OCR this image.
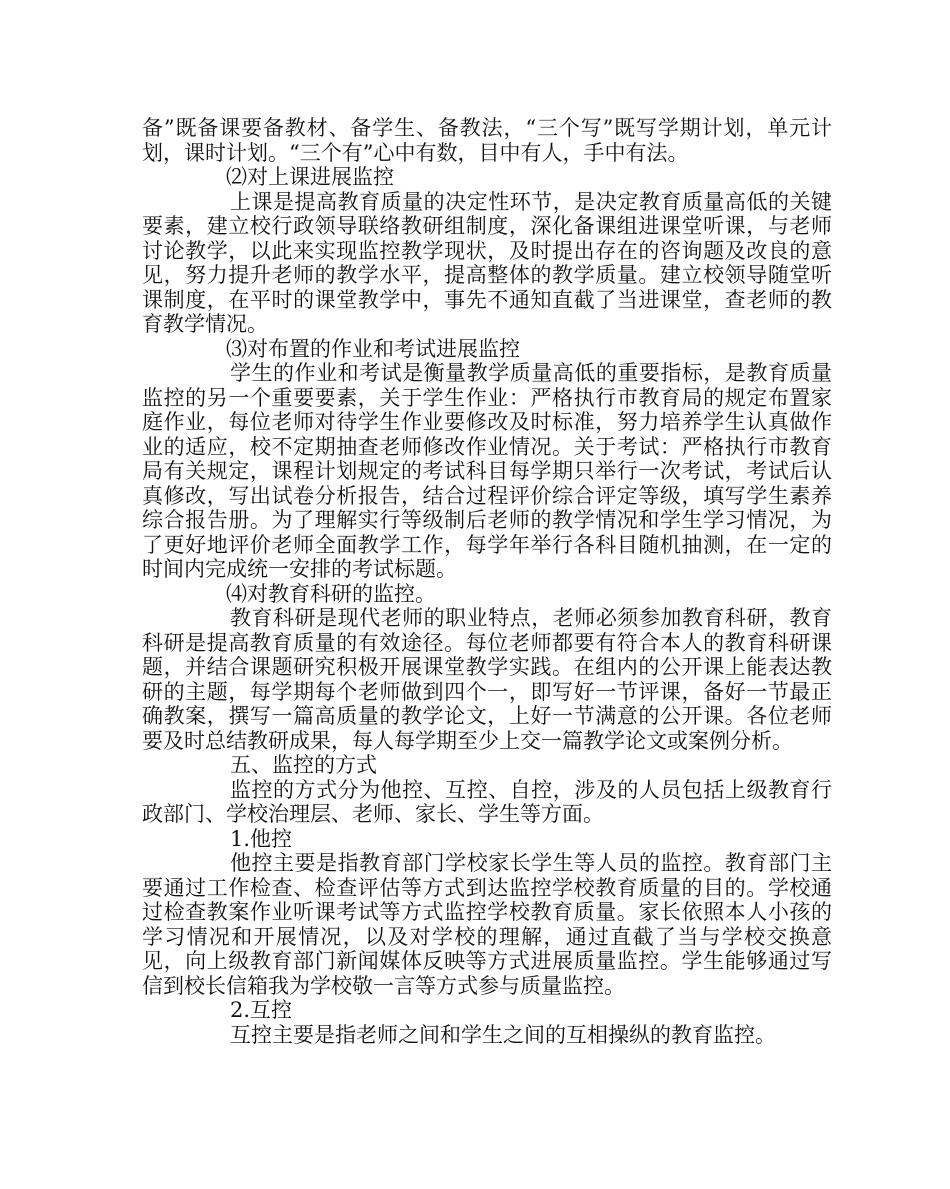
备”既备课要备教材、备学生、备教法，“三个写”既写学期计划，单元计划，课时计划。“三个有”心中有数，目中有人，手中有法。

⑵对上课进展监控

上课是提高教育质量的决定性环节，是决定教育质量高低的关键要素，建立校行政领导联络教研组制度，深化备课组进课堂听课，与老师讨论教学，以此来实现监控教学现状，及时提出存在的咨询题及改良的意见，努力提升老师的教学水平，提高整体的教学质量。建立校领导随堂听课制度，在平时的课堂教学中，事先不通知直截了当进课堂，查老师的教育教学情况。

⑶对布置的作业和考试进展监控

学生的作业和考试是衡量教学质量高低的重要指标，是教育质量监控的另一个重要要素，关于学生作业：严格执行市教育局的规定布置家庭作业，每位老师对待学生作业要修改及时标准，努力培养学生认真做作业的适应，校不定期抽查老师修改作业情况。关于考试：严格执行市教育局有关规定，课程计划规定的考试科目每学期只举行一次考试，考试后认真修改，写出试卷分析报告，结合过程评价综合评定等级，填写学生素养综合报告册。为了理解实行等级制后老师的教学情况和学生学习情况，为了更好地评价老师全面教学工作，每学年举行各科目随机抽测，在一定的时间内完成统一安排的考试标题。

⑷对教育科研的监控。

教育科研是现代老师的职业特点，老师必须参加教育科研，教育科研是提高教育质量的有效途径。每位老师都要有符合本人的教育科研课题，并结合课题研究积极开展课堂教学实践。在组内的公开课上能表达教研的主题，每学期每个老师做到四个一，即写好一节评课，备好一节最正确教案，撰写一篇高质量的教学论文，上好一节满意的公开课。各位老师要及时总结教研成果，每人每学期至少上交一篇教学论文或案例分析。

五、监控的方式

监控的方式分为他控、互控、自控，涉及的人员包括上级教育行政部门、学校治理层、老师、家长、学生等方面。

1.他控

他控主要是指教育部门学校家长学生等人员的监控。教育部门主要通过工作检查、检查评估等方式到达监控学校教育质量的目的。学校通过检查教案作业听课考试等方式监控学校教育质量。家长依照本人小孩的学习情况和开展情况，以及对学校的理解，通过直截了当与学校交换意见，向上级教育部门新闻媒体反映等方式进展质量监控。学生能够通过写信到校长信箱我为学校敬一言等方式参与质量监控。

2.互控

互控主要是指老师之间和学生之间的互相操纵的教育监控。
